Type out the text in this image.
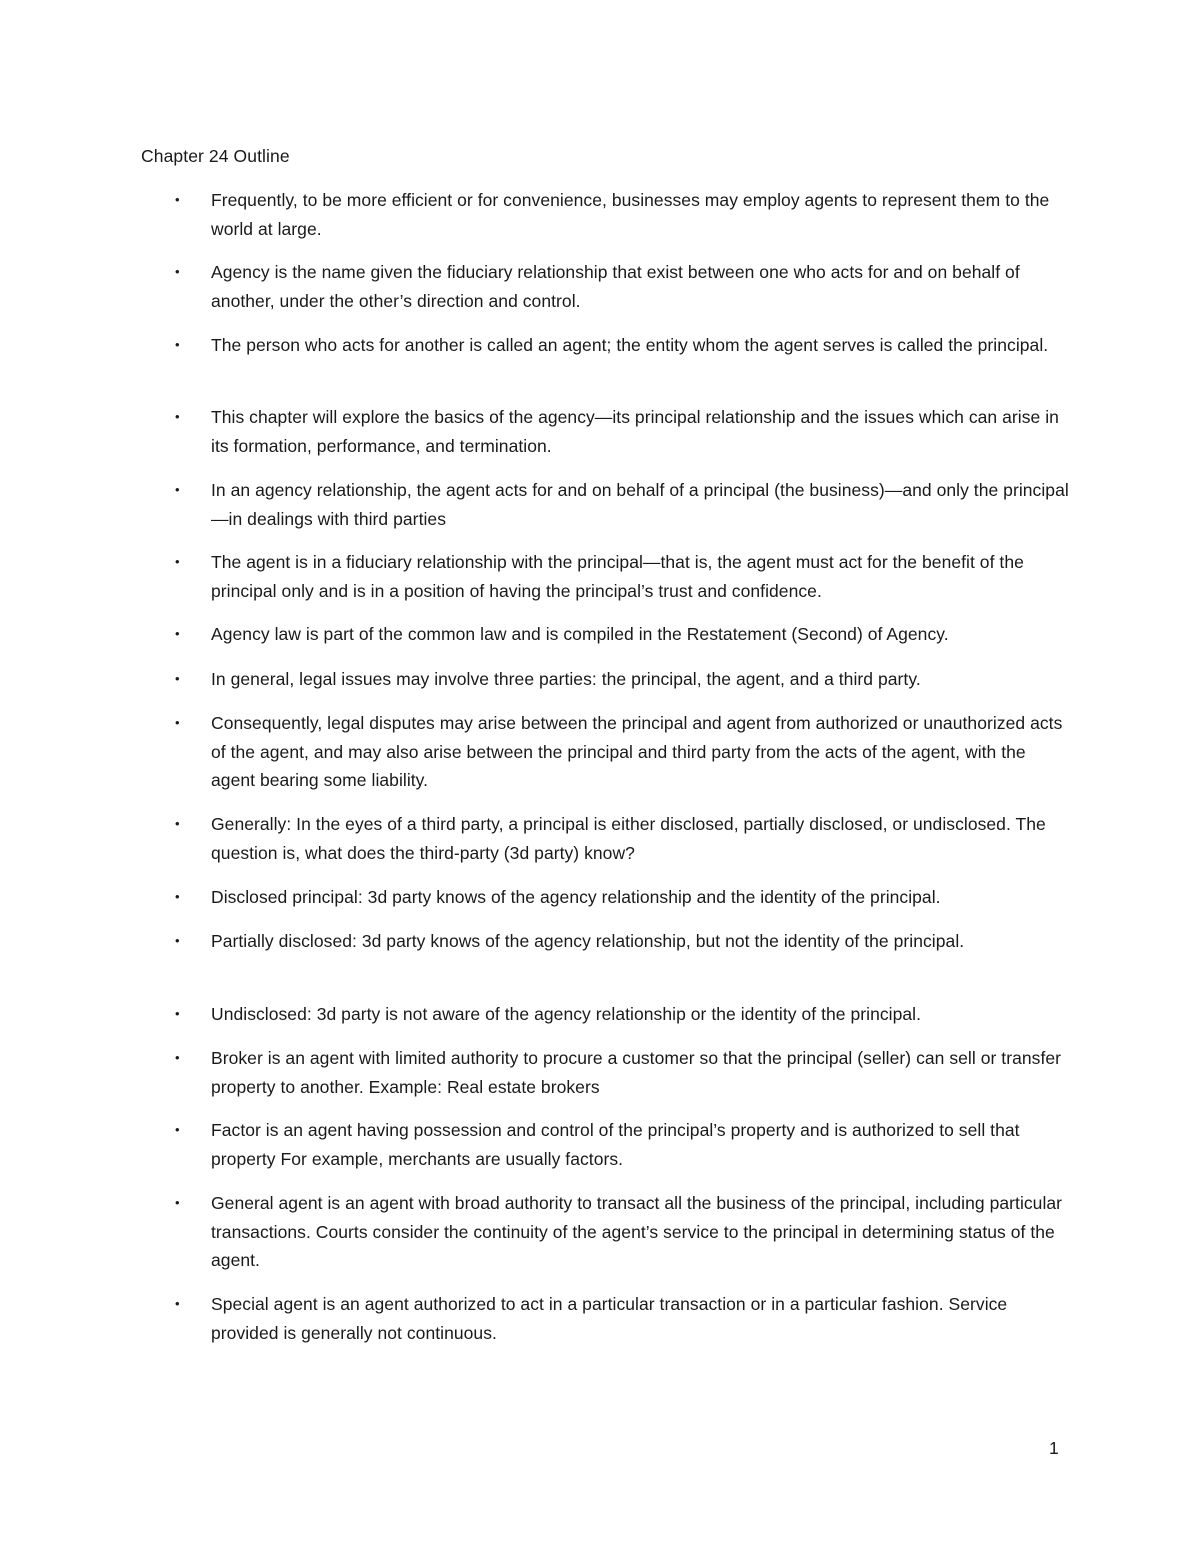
Chapter 24 Outline
• Frequently, to be more efficient or for convenience, businesses may employ agents to represent them to the world at large.
• Agency is the name given the fiduciary relationship that exist between one who acts for and on behalf of another, under the other’s direction and control.
• The person who acts for another is called an agent; the entity whom the agent serves is called the principal.
• This chapter will explore the basics of the agency—its principal relationship and the issues which can arise in its formation, performance, and termination.
• In an agency relationship, the agent acts for and on behalf of a principal (the business)—and only the principal—in dealings with third parties
• The agent is in a fiduciary relationship with the principal—that is, the agent must act for the benefit of the principal only and is in a position of having the principal’s trust and confidence.
• Agency law is part of the common law and is compiled in the Restatement (Second) of Agency.
• In general, legal issues may involve three parties: the principal, the agent, and a third party.
• Consequently, legal disputes may arise between the principal and agent from authorized or unauthorized acts of the agent, and may also arise between the principal and third party from the acts of the agent, with the agent bearing some liability.
• Generally: In the eyes of a third party, a principal is either disclosed, partially disclosed, or undisclosed. The question is, what does the third-party (3d party) know?
• Disclosed principal: 3d party knows of the agency relationship and the identity of the principal.
• Partially disclosed: 3d party knows of the agency relationship, but not the identity of the principal.
• Undisclosed: 3d party is not aware of the agency relationship or the identity of the principal.
• Broker is an agent with limited authority to procure a customer so that the principal (seller) can sell or transfer property to another. Example: Real estate brokers
• Factor is an agent having possession and control of the principal’s property and is authorized to sell that property For example, merchants are usually factors.
• General agent is an agent with broad authority to transact all the business of the principal, including particular transactions. Courts consider the continuity of the agent’s service to the principal in determining status of the agent.
• Special agent is an agent authorized to act in a particular transaction or in a particular fashion. Service provided is generally not continuous.
1
